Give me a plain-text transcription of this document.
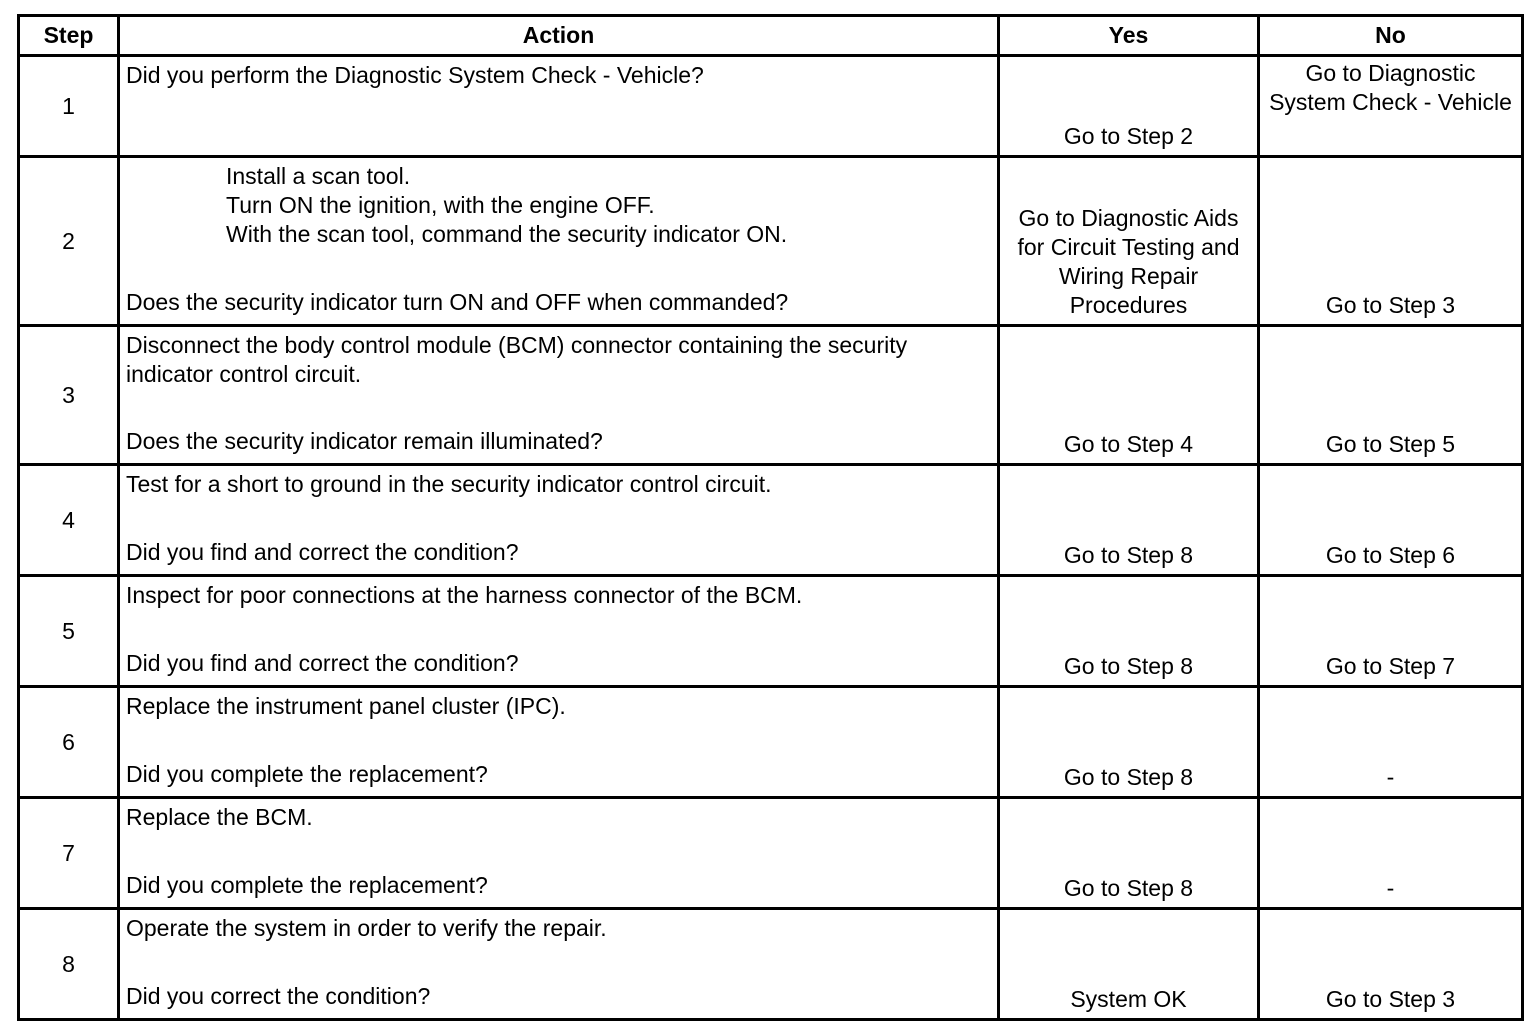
Step	Action	Yes	No
1	Did you perform the Diagnostic System Check - Vehicle?	Go to Step 2	Go to Diagnostic System Check - Vehicle
2	Install a scan tool.
Turn ON the ignition, with the engine OFF.
With the scan tool, command the security indicator ON.
Does the security indicator turn ON and OFF when commanded?	Go to Diagnostic Aids for Circuit Testing and Wiring Repair Procedures	Go to Step 3
3	Disconnect the body control module (BCM) connector containing the security indicator control circuit.
Does the security indicator remain illuminated?	Go to Step 4	Go to Step 5
4	Test for a short to ground in the security indicator control circuit.
Did you find and correct the condition?	Go to Step 8	Go to Step 6
5	Inspect for poor connections at the harness connector of the BCM.
Did you find and correct the condition?	Go to Step 8	Go to Step 7
6	Replace the instrument panel cluster (IPC).
Did you complete the replacement?	Go to Step 8	-
7	Replace the BCM.
Did you complete the replacement?	Go to Step 8	-
8	Operate the system in order to verify the repair.
Did you correct the condition?	System OK	Go to Step 3
